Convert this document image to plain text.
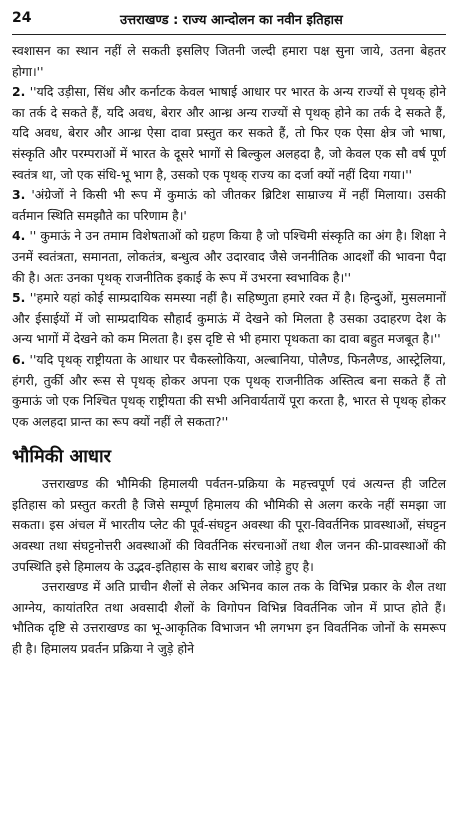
24	उत्तराखण्ड : राज्य आन्दोलन का नवीन इतिहास

स्वशासन का स्थान नहीं ले सकती इसलिए जितनी जल्दी हमारा पक्ष सुना जाये, उतना बेहतर होगा।''

2. ''यदि उड़ीसा, सिंध और कर्नाटक केवल भाषाई आधार पर भारत के अन्य राज्यों से पृथक् होने का तर्क दे सकते हैं, यदि अवध, बेरार और आन्ध्र अन्य राज्यों से पृथक् होने का तर्क दे सकते हैं, यदि अवध, बेरार और आन्ध्र ऐसा दावा प्रस्तुत कर सकते हैं, तो फिर एक ऐसा क्षेत्र जो भाषा, संस्कृति और परम्पराओं में भारत के दूसरे भागों से बिल्कुल अलहदा है, जो केवल एक सौ वर्ष पूर्ण स्वतंत्र था, जो एक संधि-भू भाग है, उसको एक पृथक् राज्य का दर्जा क्यों नहीं दिया गया।''

3. 'अंग्रेजों ने किसी भी रूप में कुमाऊं को जीतकर ब्रिटिश साम्राज्य में नहीं मिलाया। उसकी वर्तमान स्थिति समझौते का परिणाम है।'

4. '' कुमाऊं ने उन तमाम विशेषताओं को ग्रहण किया है जो पश्चिमी संस्कृति का अंग है। शिक्षा ने उनमें स्वतंत्रता, समानता, लोकतंत्र, बन्धुत्व और उदारवाद जैसे जननीतिक आदर्शों की भावना पैदा की है। अतः उनका पृथक् राजनीतिक इकाई के रूप में उभरना स्वभाविक है।''

5. ''हमारे यहां कोई साम्प्रदायिक समस्या नहीं है। सहिष्णुता हमारे रक्त में है। हिन्दुओं, मुसलमानों और ईसाईयों में जो साम्प्रदायिक सौहार्द कुमाऊं में देखने को मिलता है उसका उदाहरण देश के अन्य भागों में देखने को कम मिलता है। इस दृष्टि से भी हमारा पृथकता का दावा बहुत मजबूत है।''

6. ''यदि पृथक् राष्ट्रीयता के आधार पर चैकस्लोकिया, अल्बानिया, पोलैण्ड, फिनलैण्ड, आस्ट्रेलिया, हंगरी, तुर्की और रूस से पृथक् होकर अपना एक पृथक् राजनीतिक अस्तित्व बना सकते हैं तो कुमाऊं जो एक निश्चित पृथक् राष्ट्रीयता की सभी अनिवार्यतायें पूरा करता है, भारत से पृथक् होकर एक अलहदा प्रान्त का रूप क्यों नहीं ले सकता?''

भौमिकी आधार

उत्तराखण्ड की भौमिकी हिमालयी पर्वतन-प्रक्रिया के महत्त्वपूर्ण एवं अत्यन्त ही जटिल इतिहास को प्रस्तुत करती है जिसे सम्पूर्ण हिमालय की भौमिकी से अलग करके नहीं समझा जा सकता। इस अंचल में भारतीय प्लेट की पूर्व-संघट्टन अवस्था की पूरा-विवर्तनिक प्रावस्थाओं, संघट्टन अवस्था तथा संघट्टनोत्तरी अवस्थाओं की विवर्तनिक संरचनाओं तथा शैल जनन की-प्रावस्थाओं की उपस्थिति इसे हिमालय के उद्भव-इतिहास के साथ बराबर जोड़े हुए है।

उत्तराखण्ड में अति प्राचीन शैलों से लेकर अभिनव काल तक के विभिन्न प्रकार के शैल तथा आग्नेय, कायांतरित तथा अवसादी शैलों के विगोपन विभिन्न विवर्तनिक जोन में प्राप्त होते हैं। भौतिक दृष्टि से उत्तराखण्ड का भू-आकृतिक विभाजन भी लगभग इन विवर्तनिक जोनों के समरूप ही है। हिमालय प्रवर्तन प्रक्रिया ने जुड़े होने
